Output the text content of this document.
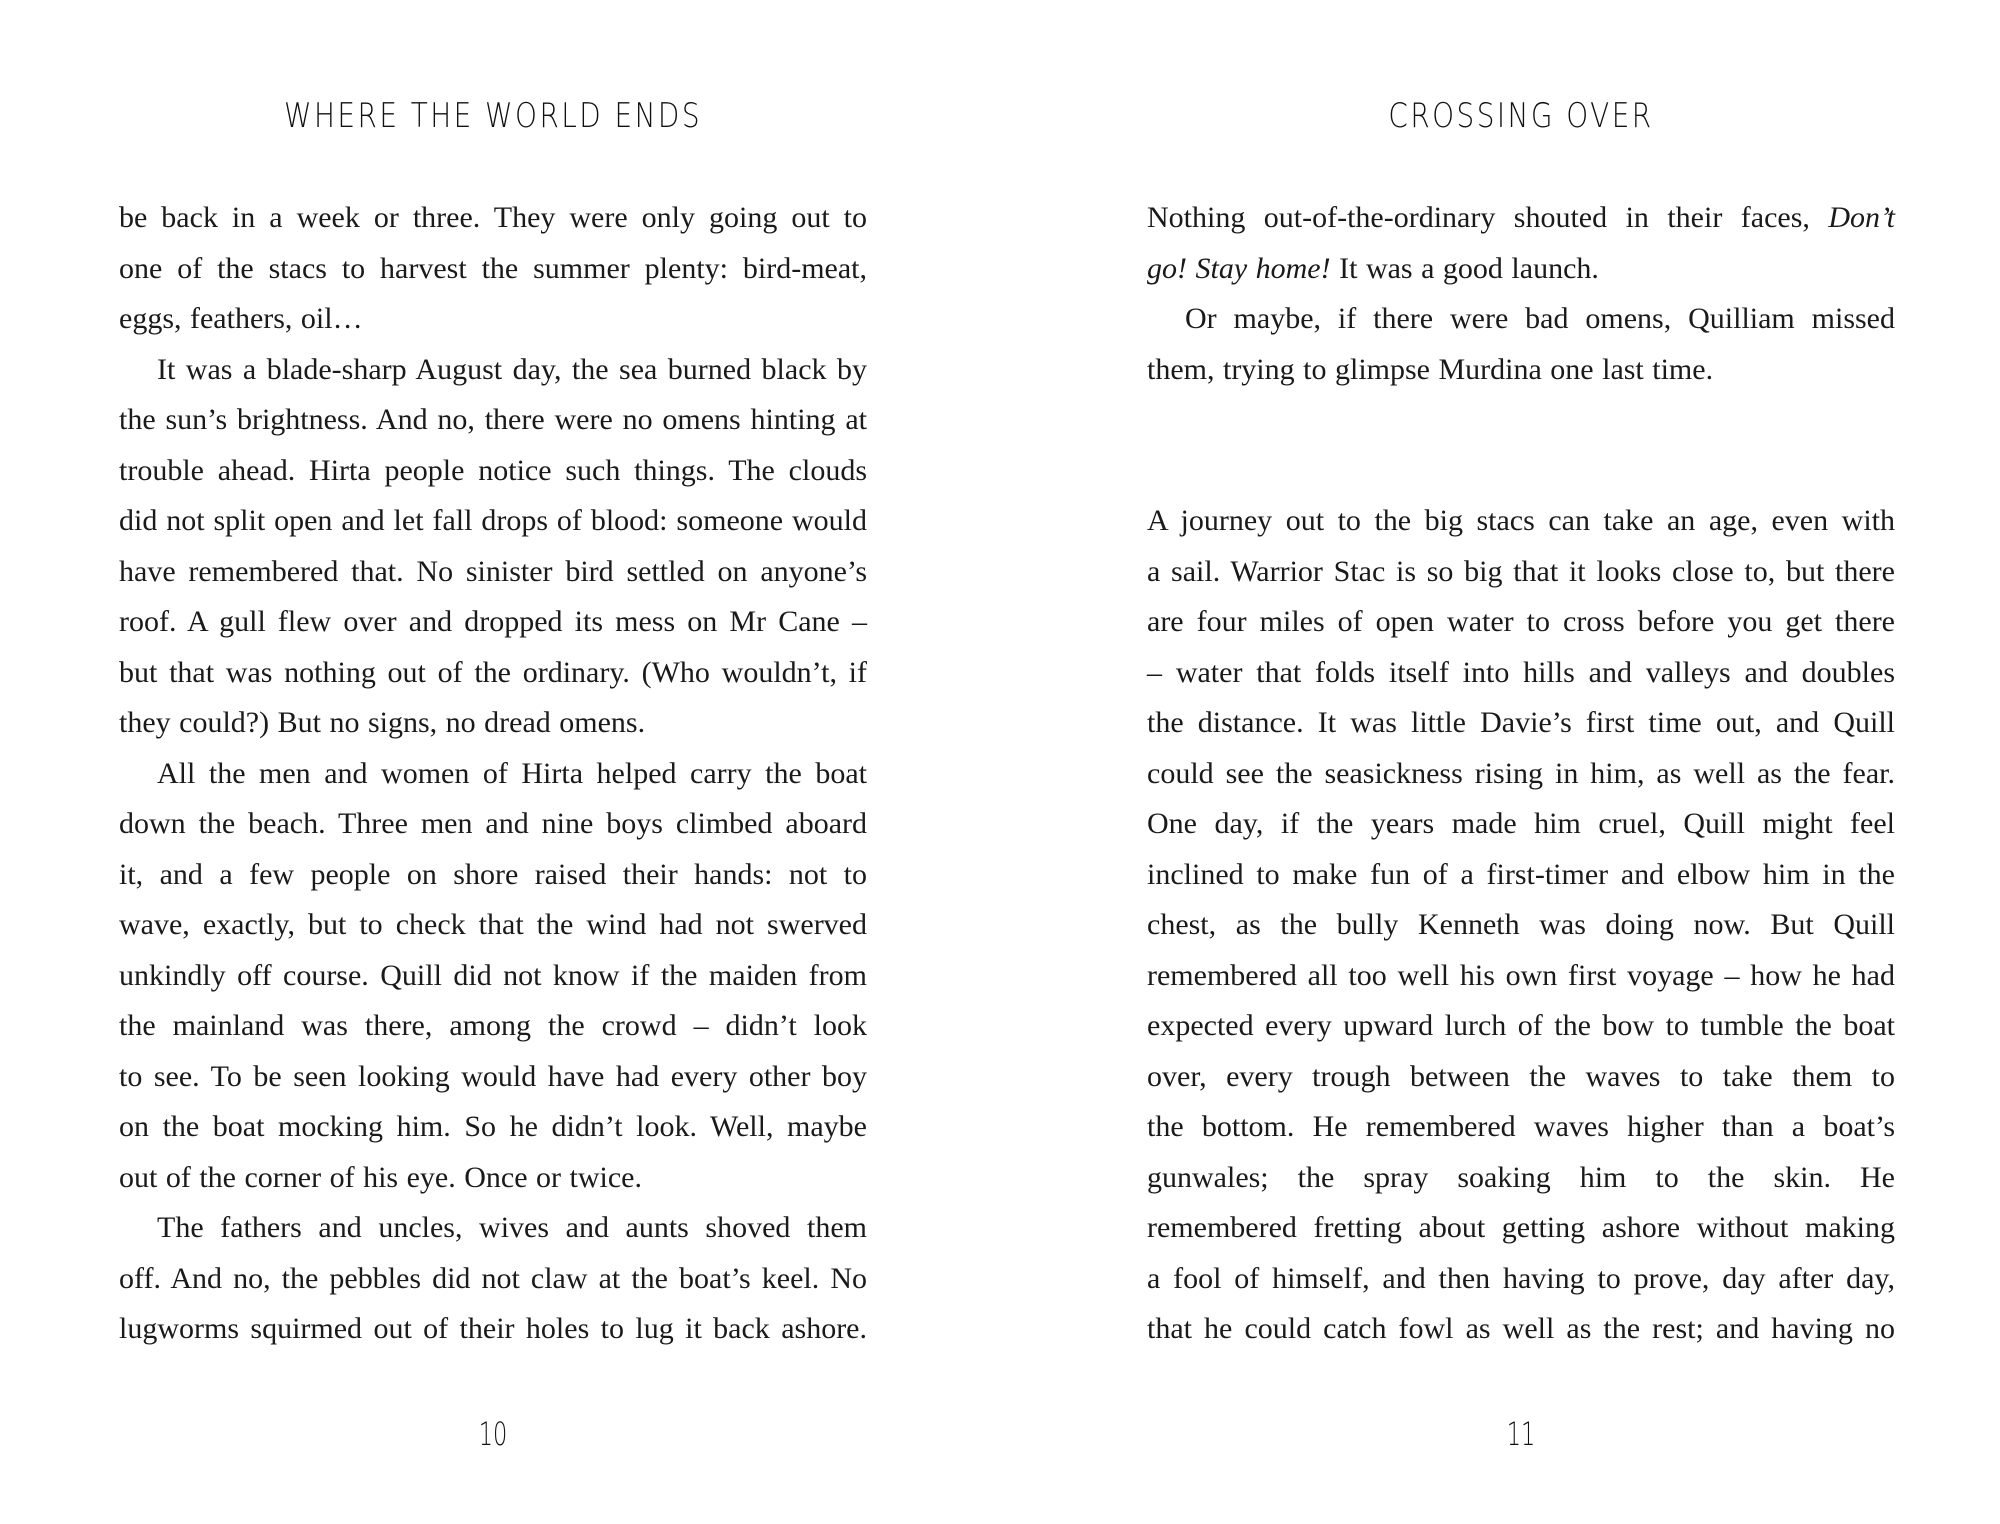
WHERE THE WORLD ENDS
be back in a week or three. They were only going out to
one of the stacs to harvest the summer plenty: bird-meat,
eggs, feathers, oil…
It was a blade-sharp August day, the sea burned black by
the sun’s brightness. And no, there were no omens hinting at
trouble ahead. Hirta people notice such things. The clouds
did not split open and let fall drops of blood: someone would
have remembered that. No sinister bird settled on anyone’s
roof. A gull flew over and dropped its mess on Mr Cane –
but that was nothing out of the ordinary. (Who wouldn’t, if
they could?) But no signs, no dread omens.
All the men and women of Hirta helped carry the boat
down the beach. Three men and nine boys climbed aboard
it, and a few people on shore raised their hands: not to
wave, exactly, but to check that the wind had not swerved
unkindly off course. Quill did not know if the maiden from
the mainland was there, among the crowd – didn’t look
to see. To be seen looking would have had every other boy
on the boat mocking him. So he didn’t look. Well, maybe
out of the corner of his eye. Once or twice.
The fathers and uncles, wives and aunts shoved them
off. And no, the pebbles did not claw at the boat’s keel. No
lugworms squirmed out of their holes to lug it back ashore.
10
CROSSING OVER
Nothing out-of-the-ordinary shouted in their faces, Don’t
go! Stay home! It was a good launch.
Or maybe, if there were bad omens, Quilliam missed
them, trying to glimpse Murdina one last time.
A journey out to the big stacs can take an age, even with
a sail. Warrior Stac is so big that it looks close to, but there
are four miles of open water to cross before you get there
– water that folds itself into hills and valleys and doubles
the distance. It was little Davie’s first time out, and Quill
could see the seasickness rising in him, as well as the fear.
One day, if the years made him cruel, Quill might feel
inclined to make fun of a first-timer and elbow him in the
chest, as the bully Kenneth was doing now. But Quill
remembered all too well his own first voyage – how he had
expected every upward lurch of the bow to tumble the boat
over, every trough between the waves to take them to
the bottom. He remembered waves higher than a boat’s
gunwales; the spray soaking him to the skin. He
remembered fretting about getting ashore without making
a fool of himself, and then having to prove, day after day,
that he could catch fowl as well as the rest; and having no
11
